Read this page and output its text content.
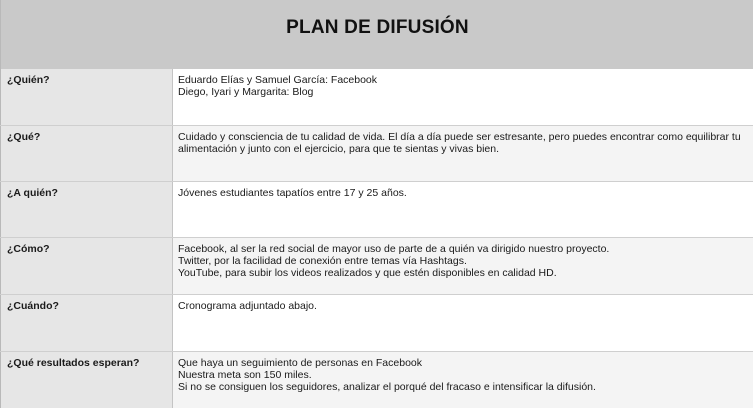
PLAN DE DIFUSIÓN
¿Quién?	Eduardo Elías y Samuel García: Facebook
Diego, Iyari y Margarita: Blog
¿Qué?	Cuidado y consciencia de tu calidad de vida. El día a día puede ser estresante, pero puedes encontrar como equilibrar tu
alimentación y junto con el ejercicio, para que te sientas y vivas bien.
¿A quién?	Jóvenes estudiantes tapatíos entre 17 y 25 años.
¿Cómo?	Facebook, al ser la red social de mayor uso de parte de a quién va dirigido nuestro proyecto.
Twitter, por la facilidad de conexión entre temas vía Hashtags.
YouTube, para subir los videos realizados y que estén disponibles en calidad HD.
¿Cuándo?	Cronograma adjuntado abajo.
¿Qué resultados esperan?	Que haya un seguimiento de personas en Facebook
Nuestra meta son 150 miles.
Si no se consiguen los seguidores, analizar el porqué del fracaso e intensificar la difusión.
